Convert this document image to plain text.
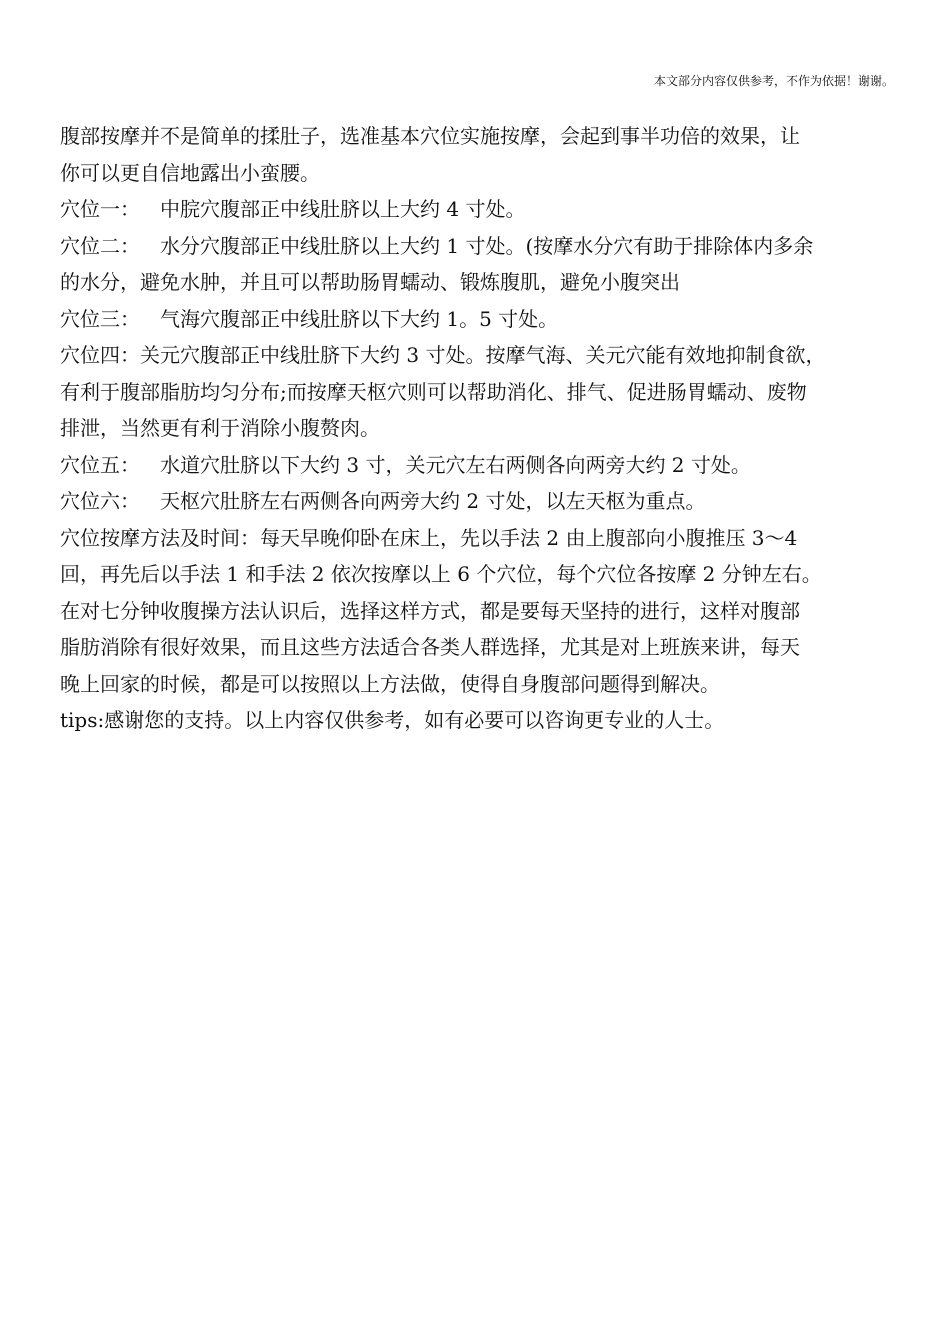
本文部分内容仅供参考，不作为依据！谢谢。

腹部按摩并不是简单的揉肚子，选准基本穴位实施按摩，会起到事半功倍的效果，让
你可以更自信地露出小蛮腰。

穴位一： 中脘穴腹部正中线肚脐以上大约 4 寸处。

穴位二： 水分穴腹部正中线肚脐以上大约 1 寸处。(按摩水分穴有助于排除体内多余
的水分，避免水肿，并且可以帮助肠胃蠕动、锻炼腹肌，避免小腹突出

穴位三： 气海穴腹部正中线肚脐以下大约 1。5 寸处。

穴位四：关元穴腹部正中线肚脐下大约 3 寸处。按摩气海、关元穴能有效地抑制食欲，
有利于腹部脂肪均匀分布;而按摩天枢穴则可以帮助消化、排气、促进肠胃蠕动、废物
排泄，当然更有利于消除小腹赘肉。

穴位五： 水道穴肚脐以下大约 3 寸，关元穴左右两侧各向两旁大约 2 寸处。

穴位六： 天枢穴肚脐左右两侧各向两旁大约 2 寸处，以左天枢为重点。

穴位按摩方法及时间：每天早晚仰卧在床上，先以手法 2 由上腹部向小腹推压 3～4
回，再先后以手法 1 和手法 2 依次按摩以上 6 个穴位，每个穴位各按摩 2 分钟左右。

在对七分钟收腹操方法认识后，选择这样方式，都是要每天坚持的进行，这样对腹部
脂肪消除有很好效果，而且这些方法适合各类人群选择，尤其是对上班族来讲，每天
晚上回家的时候，都是可以按照以上方法做，使得自身腹部问题得到解决。

tips:感谢您的支持。以上内容仅供参考，如有必要可以咨询更专业的人士。
